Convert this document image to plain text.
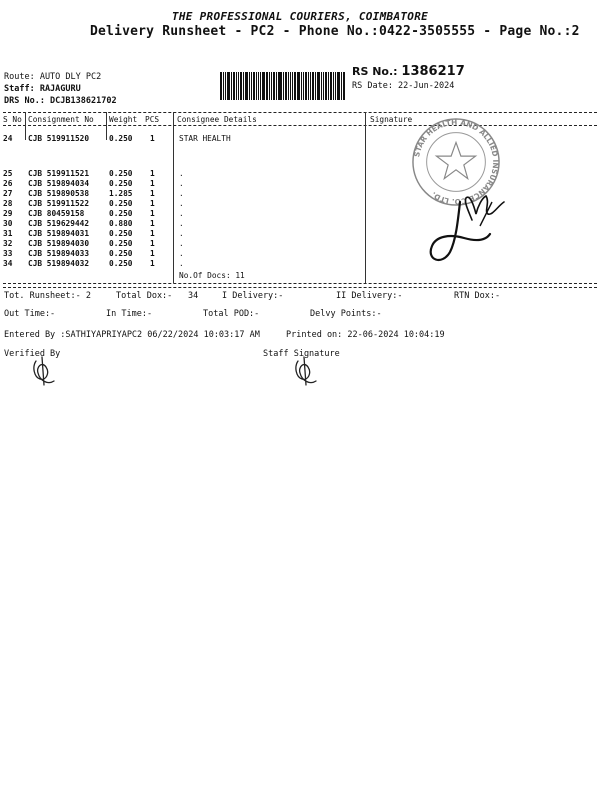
THE PROFESSIONAL COURIERS, COIMBATORE
Delivery Runsheet - PC2 - Phone No.:0422-3505555 - Page No.:2
Route: AUTO DLY PC2
Staff: RAJAGURU
DRS No.: DCJB138621702
RS No.: 1386217
RS Date: 22-Jun-2024
S No Consignment No Weight PCS Consignee Details	Signature
24 CJB 519911520	0.250 1	STAR HEALTH
25 CJB 519911521	0.250 1	.
26 CJB 519894034	0.250 1	.
27 CJB 519890538	1.285 1	.
28 CJB 519911522	0.250 1	.
29 CJB 80459158	0.250 1	.
30 CJB 519629442	0.880 1	.
31 CJB 519894031	0.250 1	.
32 CJB 519894030	0.250 1	.
33 CJB 519894033	0.250 1	.
34 CJB 519894032	0.250 1	.
No.Of Docs: 11
STAR HEALTH AND ALLIED INSURANCE CO. LTD.
Tot. Runsheet:- 2	Total Dox:- 34	I Delivery:-	II Delivery:-	RTN Dox:-
Out Time:-	In Time:-	Total POD:-	Delvy Points:-
Entered By :SATHIYAPRIYAPC2 06/22/2024 10:03:17 AM	Printed on: 22-06-2024 10:04:19
Verified By	Staff Signature
